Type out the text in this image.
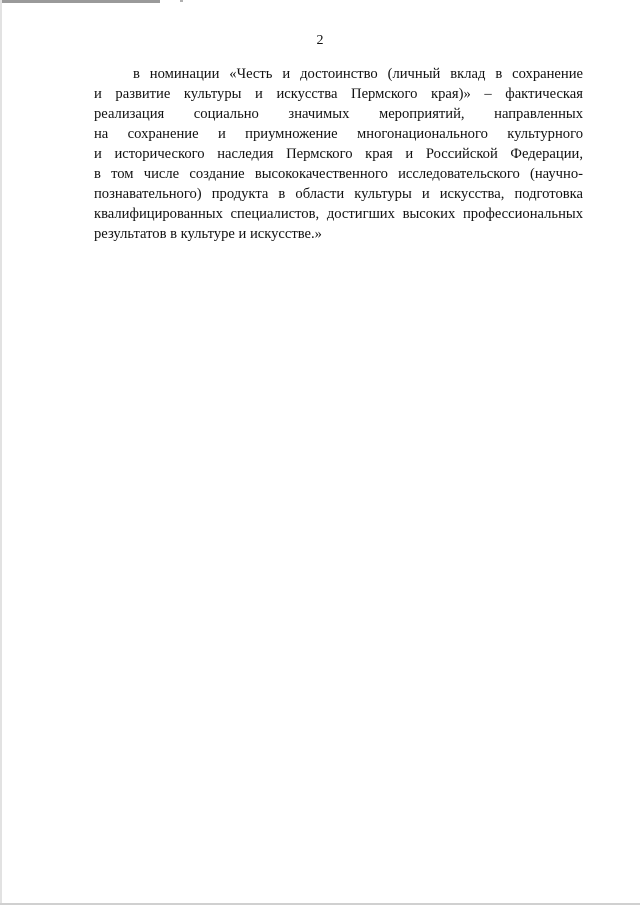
2
в номинации «Честь и достоинство (личный вклад в сохранение
и развитие культуры и искусства Пермского края)» – фактическая
реализация социально значимых мероприятий, направленных
на сохранение и приумножение многонационального культурного
и исторического наследия Пермского края и Российской Федерации,
в том числе создание высококачественного исследовательского (научно-
познавательного) продукта в области культуры и искусства, подготовка
квалифицированных специалистов, достигших высоких профессиональных
результатов в культуре и искусстве.»
